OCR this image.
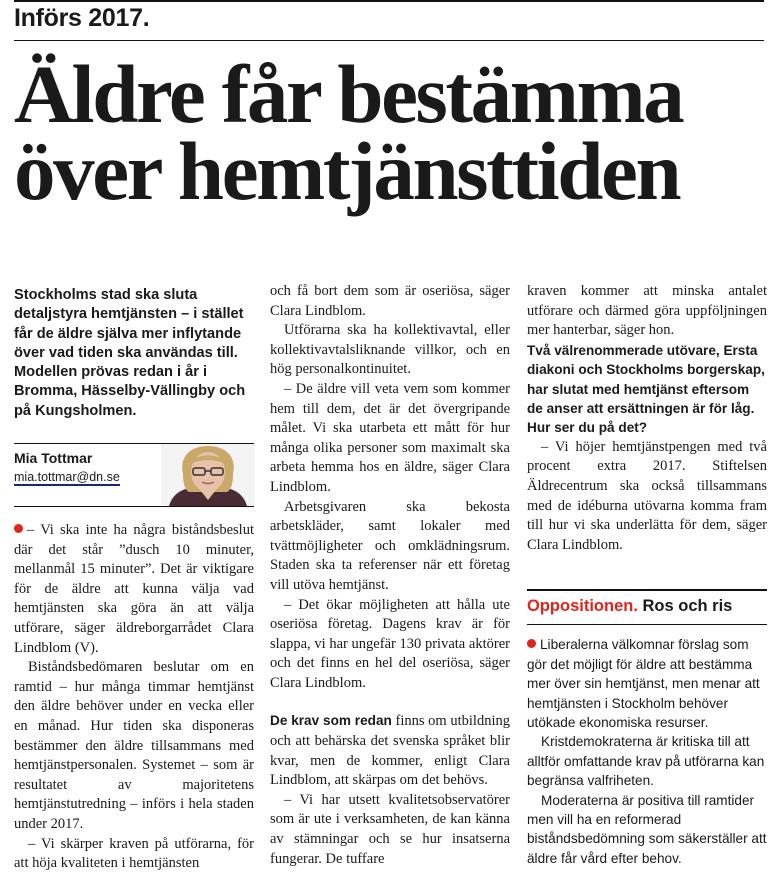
Införs 2017.
Äldre får bestämma
över hemtjänsttiden

Stockholms stad ska sluta detaljstyra hemtjänsten – i stället får de äldre själva mer inflytande över vad tiden ska användas till. Modellen prövas redan i år i Bromma, Hässelby-Vällingby och på Kungsholmen.

Mia Tottmar
mia.tottmar@dn.se

– Vi ska inte ha några biståndsbeslut där det står ”dusch 10 minuter, mellanmål 15 minuter”. Det är viktigare för de äldre att kunna välja vad hemtjänsten ska göra än att välja utförare, säger äldreborgarrådet Clara Lindblom (V).

Biståndsbedömaren beslutar om en ramtid – hur många timmar hemtjänst den äldre behöver under en vecka eller en månad. Hur tiden ska disponeras bestämmer den äldre tillsammans med hemtjänstpersonalen. Systemet – som är resultatet av majoritetens hemtjänstutredning – införs i hela staden under 2017.

– Vi skärper kraven på utförarna, för att höja kvaliteten i hemtjänsten

och få bort dem som är oseriösa, säger Clara Lindblom.

Utförarna ska ha kollektivavtal, eller kollektivavtalsliknande villkor, och en hög personalkontinuitet.

– De äldre vill veta vem som kommer hem till dem, det är det övergripande målet. Vi ska utarbeta ett mått för hur många olika personer som maximalt ska arbeta hemma hos en äldre, säger Clara Lindblom.

Arbetsgivaren ska bekosta arbetskläder, samt lokaler med tvättmöjligheter och omklädningsrum. Staden ska ta referenser när ett företag vill utöva hemtjänst.

– Det ökar möjligheten att hålla ute oseriösa företag. Dagens krav är för slappa, vi har ungefär 130 privata aktörer och det finns en hel del oseriösa, säger Clara Lindblom.

De krav som redan finns om utbildning och att behärska det svenska språket blir kvar, men de kommer, enligt Clara Lindblom, att skärpas om det behövs.

– Vi har utsett kvalitetsobservatörer som är ute i verksamheten, de kan känna av stämningar och se hur insatserna fungerar. De tuffare

kraven kommer att minska antalet utförare och därmed göra uppföljningen mer hanterbar, säger hon.

Två välrenommerade utövare, Ersta diakoni och Stockholms borgerskap, har slutat med hemtjänst eftersom de anser att ersättningen är för låg. Hur ser du på det?

– Vi höjer hemtjänstpengen med två procent extra 2017. Stiftelsen Äldrecentrum ska också tillsammans med de idéburna utövarna komma fram till hur vi ska underlätta för dem, säger Clara Lindblom.

Oppositionen. Ros och ris

Liberalerna välkomnar förslag som gör det möjligt för äldre att bestämma mer över sin hemtjänst, men menar att hemtjänsten i Stockholm behöver utökade ekonomiska resurser.

Kristdemokraterna är kritiska till att alltför omfattande krav på utförarna kan begränsa valfriheten.

Moderaterna är positiva till ramtider men vill ha en reformerad biståndsbedömning som säkerställer att äldre får vård efter behov.
